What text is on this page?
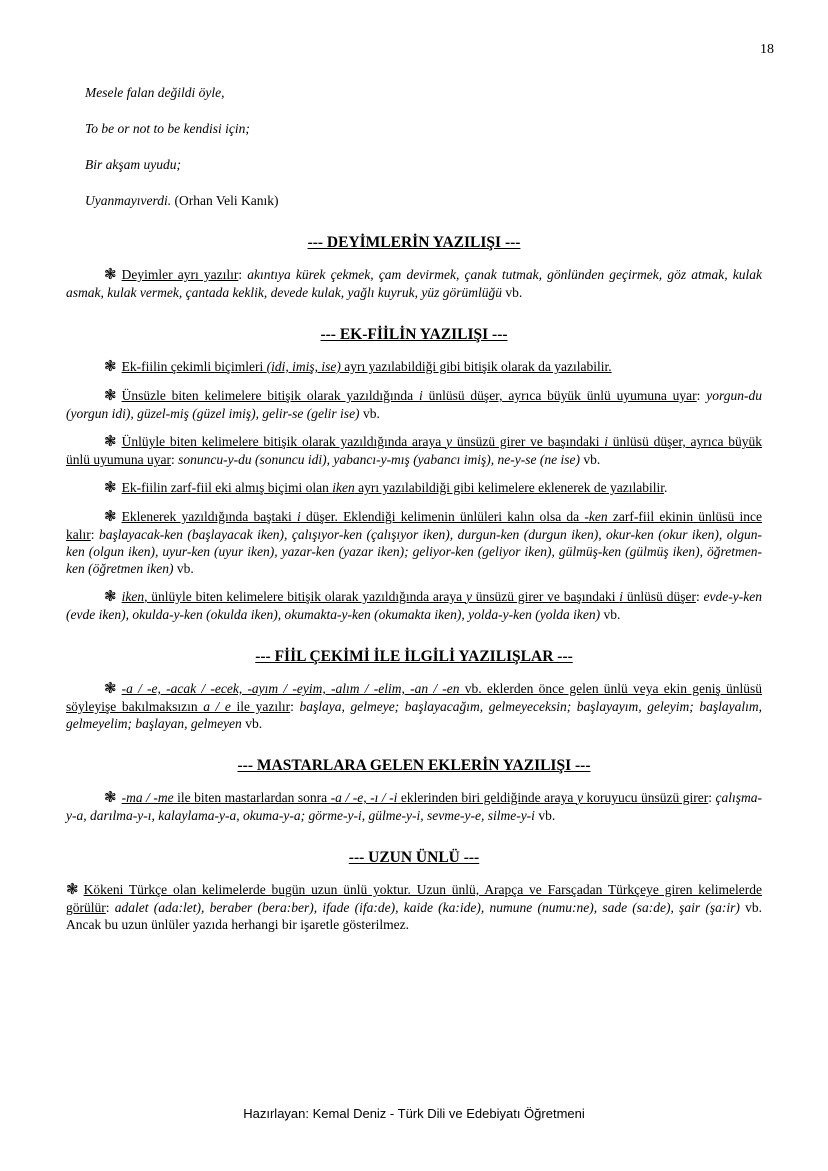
18

Mesele falan değildi öyle,

To be or not to be kendisi için;

Bir akşam uyudu;

Uyanmayıverdi. (Orhan Veli Kanık)

--- DEYİMLERİN YAZILIŞI ---

❃ Deyimler ayrı yazılır: akıntıya kürek çekmek, çam devirmek, çanak tutmak, gönlünden geçirmek, göz atmak, kulak asmak, kulak vermek, çantada keklik, devede kulak, yağlı kuyruk, yüz görümlüğü vb.

--- EK-FİİLİN YAZILIŞI ---

❃ Ek-fiilin çekimli biçimleri (idi, imiş, ise) ayrı yazılabildiği gibi bitişik olarak da yazılabilir.

❃ Ünsüzle biten kelimelere bitişik olarak yazıldığında i ünlüsü düşer, ayrıca büyük ünlü uyumuna uyar: yorgun-du (yorgun idi), güzel-miş (güzel imiş), gelir-se (gelir ise) vb.

❃ Ünlüyle biten kelimelere bitişik olarak yazıldığında araya y ünsüzü girer ve başındaki i ünlüsü düşer, ayrıca büyük ünlü uyumuna uyar: sonuncu-y-du (sonuncu idi), yabancı-y-mış (yabancı imiş), ne-y-se (ne ise) vb.

❃ Ek-fiilin zarf-fiil eki almış biçimi olan iken ayrı yazılabildiği gibi kelimelere eklenerek de yazılabilir.

❃ Eklenerek yazıldığında baştaki i düşer. Eklendiği kelimenin ünlüleri kalın olsa da -ken zarf-fiil ekinin ünlüsü ince kalır: başlayacak-ken (başlayacak iken), çalışıyor-ken (çalışıyor iken), durgun-ken (durgun iken), okur-ken (okur iken), olgun-ken (olgun iken), uyur-ken (uyur iken), yazar-ken (yazar iken); geliyor-ken (geliyor iken), gülmüş-ken (gülmüş iken), öğretmen-ken (öğretmen iken) vb.

❃ iken, ünlüyle biten kelimelere bitişik olarak yazıldığında araya y ünsüzü girer ve başındaki i ünlüsü düşer: evde-y-ken (evde iken), okulda-y-ken (okulda iken), okumakta-y-ken (okumakta iken), yolda-y-ken (yolda iken) vb.

--- FİİL ÇEKİMİ İLE İLGİLİ YAZILIŞLAR ---

❃ -a / -e, -acak / -ecek, -ayım / -eyim, -alım / -elim, -an / -en vb. eklerden önce gelen ünlü veya ekin geniş ünlüsü söyleyişe bakılmaksızın a / e ile yazılır: başlaya, gelmeye; başlayacağım, gelmeyeceksin; başlayayım, geleyim; başlayalım, gelmeyelim; başlayan, gelmeyen vb.

--- MASTARLARA GELEN EKLERİN YAZILIŞI ---

❃ -ma / -me ile biten mastarlardan sonra -a / -e, -ı / -i eklerinden biri geldiğinde araya y koruyucu ünsüzü girer: çalışma-y-a, darılma-y-ı, kalaylama-y-a, okuma-y-a; görme-y-i, gülme-y-i, sevme-y-e, silme-y-i vb.

--- UZUN ÜNLÜ ---

❃ Kökeni Türkçe olan kelimelerde bugün uzun ünlü yoktur. Uzun ünlü, Arapça ve Farsçadan Türkçeye giren kelimelerde görülür: adalet (ada:let), beraber (bera:ber), ifade (ifa:de), kaide (ka:ide), numune (numu:ne), sade (sa:de), şair (şa:ir) vb. Ancak bu uzun ünlüler yazıda herhangi bir işaretle gösterilmez.

Hazırlayan: Kemal Deniz - Türk Dili ve Edebiyatı Öğretmeni
